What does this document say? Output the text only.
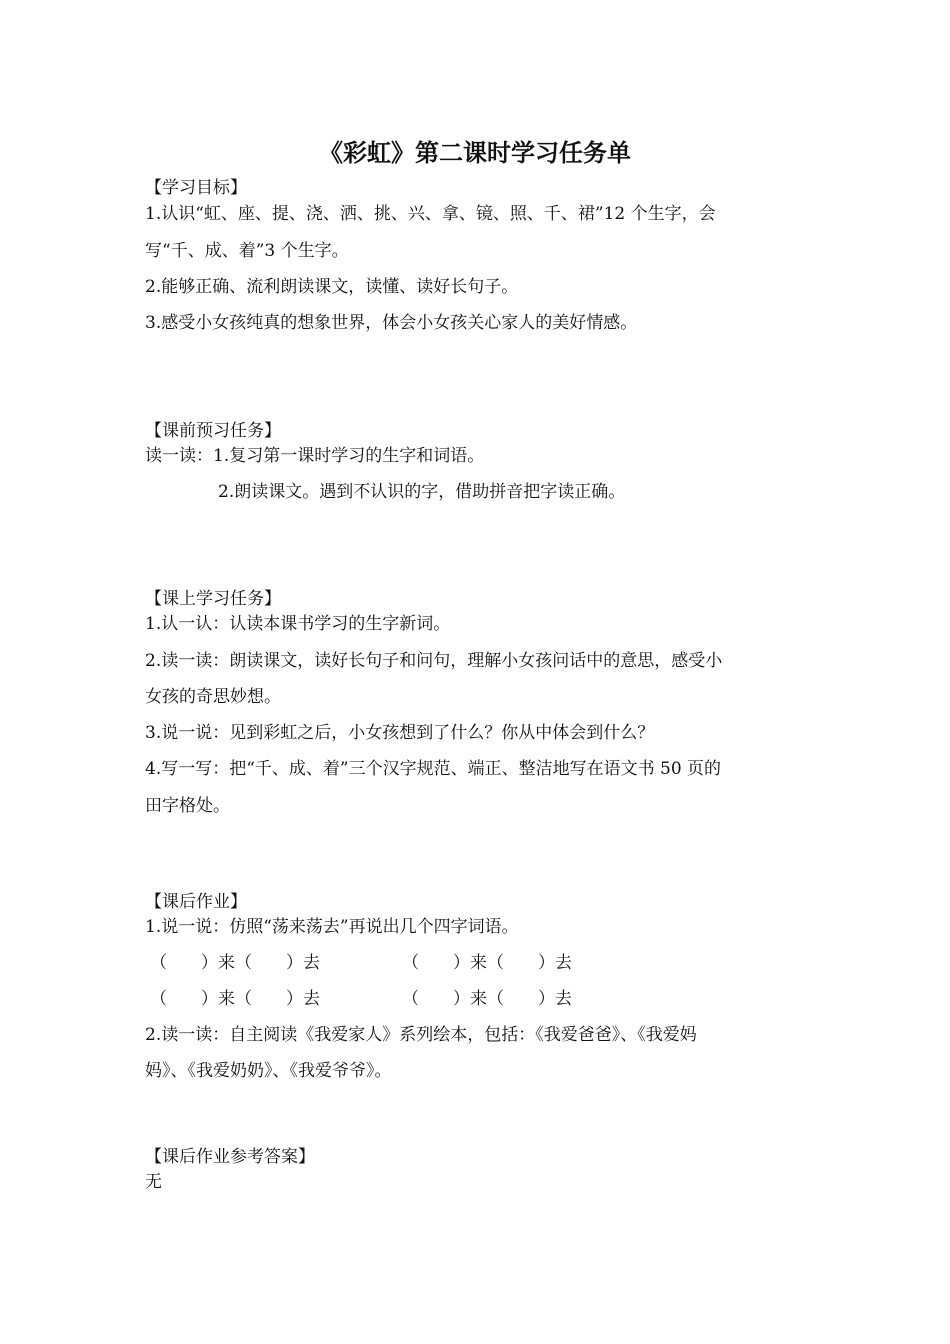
《彩虹》第二课时学习任务单
【学习目标】
1.认识“虹、座、提、浇、洒、挑、兴、拿、镜、照、千、裙”12 个生字，会
写“千、成、着”3 个生字。
2.能够正确、流利朗读课文，读懂、读好长句子。
3.感受小女孩纯真的想象世界，体会小女孩关心家人的美好情感。
【课前预习任务】
读一读：1.复习第一课时学习的生字和词语。
2.朗读课文。遇到不认识的字，借助拼音把字读正确。
【课上学习任务】
1.认一认：认读本课书学习的生字新词。
2.读一读：朗读课文，读好长句子和问句，理解小女孩问话中的意思，感受小
女孩的奇思妙想。
3.说一说：见到彩虹之后，小女孩想到了什么？你从中体会到什么？
4.写一写：把“千、成、着”三个汉字规范、端正、整洁地写在语文书 50 页的
田字格处。
【课后作业】
1.说一说：仿照“荡来荡去”再说出几个四字词语。
（　　）来（　　）去	（　　）来（　　）去
（　　）来（　　）去	（　　）来（　　）去
2.读一读：自主阅读《我爱家人》系列绘本，包括：《我爱爸爸》、《我爱妈
妈》、《我爱奶奶》、《我爱爷爷》。
【课后作业参考答案】
无
